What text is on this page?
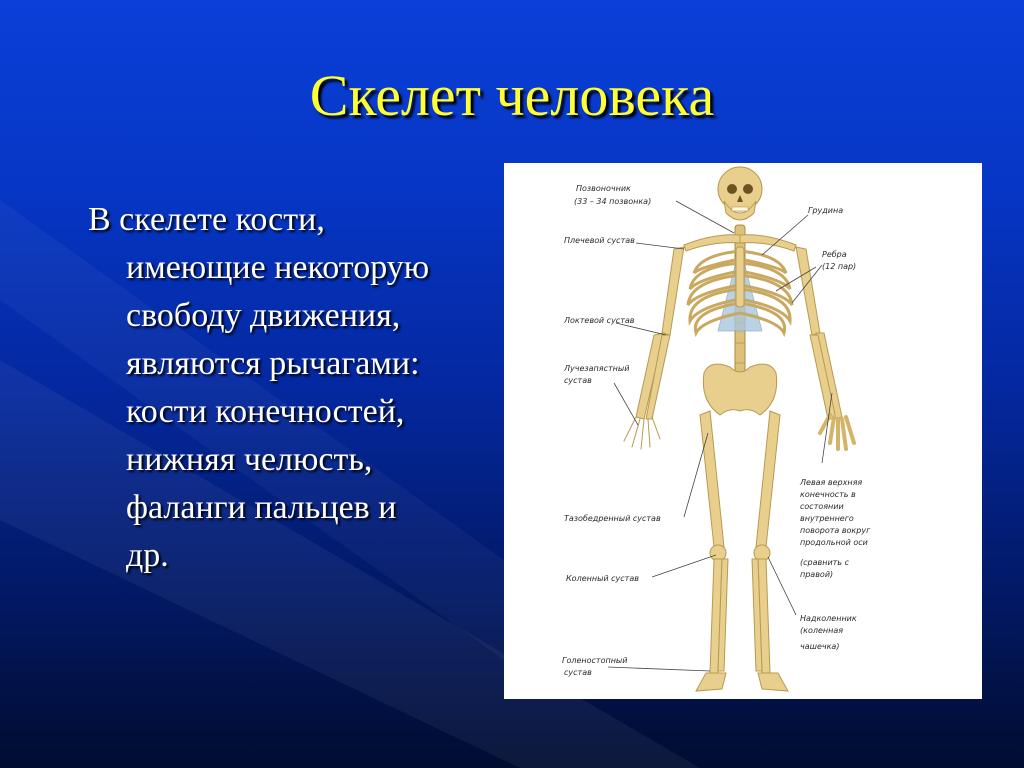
Скелет человека
В скелете кости,
имеющие некоторую
свободу движения,
являются рычагами:
кости конечностей,
нижняя челюсть,
фаланги пальцев и
др.
Позвоночник
(33 – 34 позвонка)
Грудина
Плечевой сустав
Ребра
(12 пар)
Локтевой сустав
Лучезапястный
сустав
Левая верхняя
конечность в
состоянии
внутреннего
поворота вокруг
продольной оси
(сравнить с
правой)
Тазобедренный сустав
Коленный сустав
Надколенник
(коленная
чашечка)
Голеностопный
сустав
